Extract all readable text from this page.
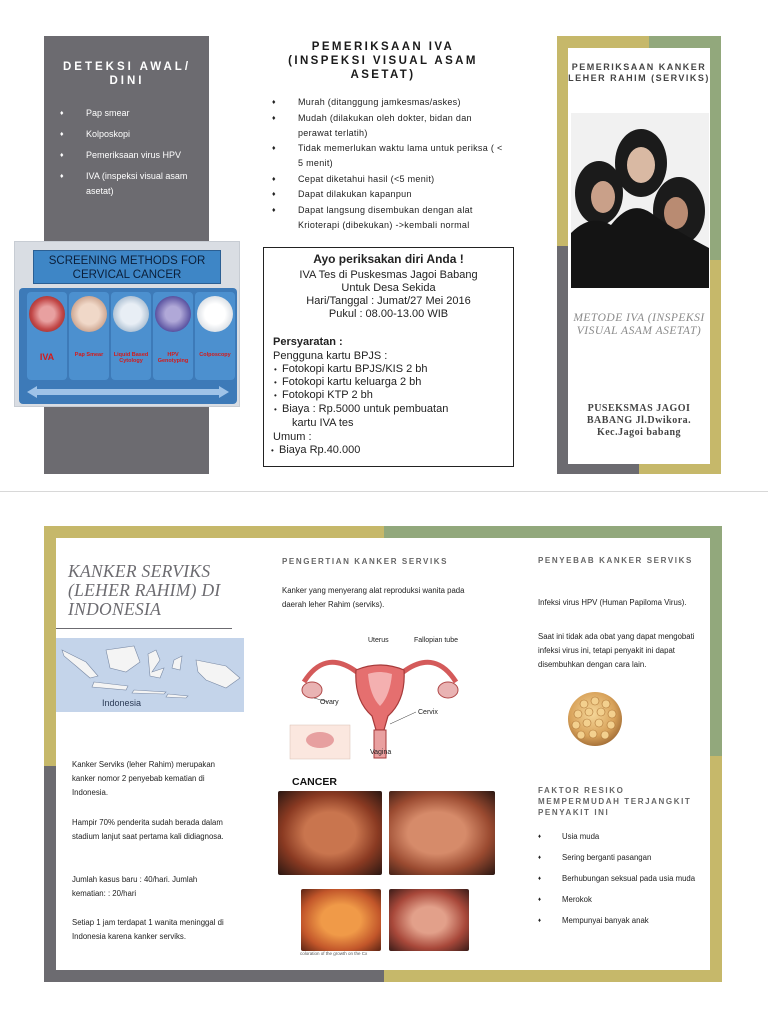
DETEKSI AWAL/ DINI
♦ Pap smear
♦ Kolposkopi
♦ Pemeriksaan virus HPV
♦ IVA (inspeksi visual asam asetat)
SCREENING METHODS FOR CERVICAL CANCER
IVA	Pap Smear	Liquid Based Cytology
HPV Genotyping
Colposcopy
PEMERIKSAAN IVA (INSPEKSI VISUAL ASAM ASETAT)
♦ Murah (ditanggung jamkesmas/askes)
♦ Mudah (dilakukan oleh dokter, bidan dan perawat terlatih)
♦ Tidak memerlukan waktu lama untuk periksa ( < 5 menit)
♦ Cepat diketahui hasil (<5 menit)
♦ Dapat dilakukan kapanpun
♦ Dapat langsung disembukan dengan alat Krioterapi (dibekukan) ->kembali normal
Ayo periksakan diri Anda !
IVA Tes di Puskesmas Jagoi Babang
Untuk Desa Sekida
Hari/Tanggal : Jumat/27 Mei 2016
Pukul : 08.00-13.00 WIB
Persyaratan :
Pengguna kartu BPJS :
• Fotokopi kartu BPJS/KIS 2 bh
• Fotokopi kartu keluarga 2 bh
• Fotokopi KTP 2 bh
• Biaya : Rp.5000 untuk pembuatan
kartu IVA tes
Umum :
• Biaya Rp.40.000
PEMERIKSAAN KANKER LEHER RAHIM (SERVIKS)
METODE IVA (INSPEKSI VISUAL ASAM ASETAT)
PUSEKSMAS JAGOI BABANG Jl.Dwikora. Kec.Jagoi babang
KANKER SERVIKS (LEHER RAHIM) DI INDONESIA
Indonesia
Kanker Serviks (leher Rahim) merupakan kanker nomor 2 penyebab kematian di Indonesia.
Hampir 70% penderita sudah berada dalam stadium lanjut saat pertama kali didiagnosa.
Jumlah kasus baru : 40/hari. Jumlah kematian: : 20/hari
Setiap 1 jam terdapat 1 wanita meninggal di Indonesia karena kanker serviks.
PENGERTIAN KANKER SERVIKS
Kanker yang menyerang alat reproduksi wanita pada daerah leher Rahim (serviks).
Uterus	Fallopian tube
Ovary
Cervix
Vagina
CANCER
coloration of the growth on the Cx
PENYEBAB KANKER SERVIKS
Infeksi virus HPV (Human Papiloma Virus).
Saat ini tidak ada obat yang dapat mengobati infeksi virus ini, tetapi penyakit ini dapat disembuhkan dengan cara lain.
FAKTOR RESIKO MEMPERMUDAH TERJANGKIT PENYAKIT INI
♦ Usia muda
♦ Sering berganti pasangan
♦ Berhubungan seksual pada usia muda
♦ Merokok
♦ Mempunyai banyak anak
